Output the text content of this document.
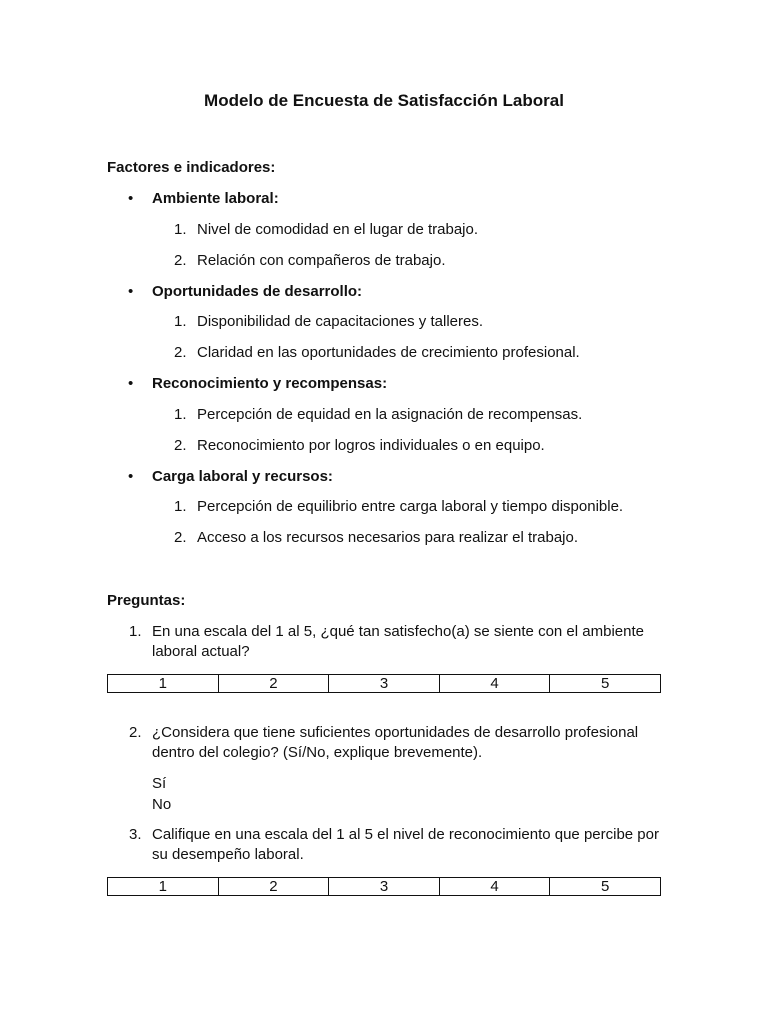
Modelo de Encuesta de Satisfacción Laboral
Factores e indicadores:
• Ambiente laboral:
1. Nivel de comodidad en el lugar de trabajo.
2. Relación con compañeros de trabajo.
• Oportunidades de desarrollo:
1. Disponibilidad de capacitaciones y talleres.
2. Claridad en las oportunidades de crecimiento profesional.
• Reconocimiento y recompensas:
1. Percepción de equidad en la asignación de recompensas.
2. Reconocimiento por logros individuales o en equipo.
• Carga laboral y recursos:
1. Percepción de equilibrio entre carga laboral y tiempo disponible.
2. Acceso a los recursos necesarios para realizar el trabajo.
Preguntas:
1. En una escala del 1 al 5, ¿qué tan satisfecho(a) se siente con el ambiente laboral actual?
1	2	3	4	5
2. ¿Considera que tiene suficientes oportunidades de desarrollo profesional dentro del colegio? (Sí/No, explique brevemente).
Sí
No
3. Califique en una escala del 1 al 5 el nivel de reconocimiento que percibe por su desempeño laboral.
1	2	3	4	5
